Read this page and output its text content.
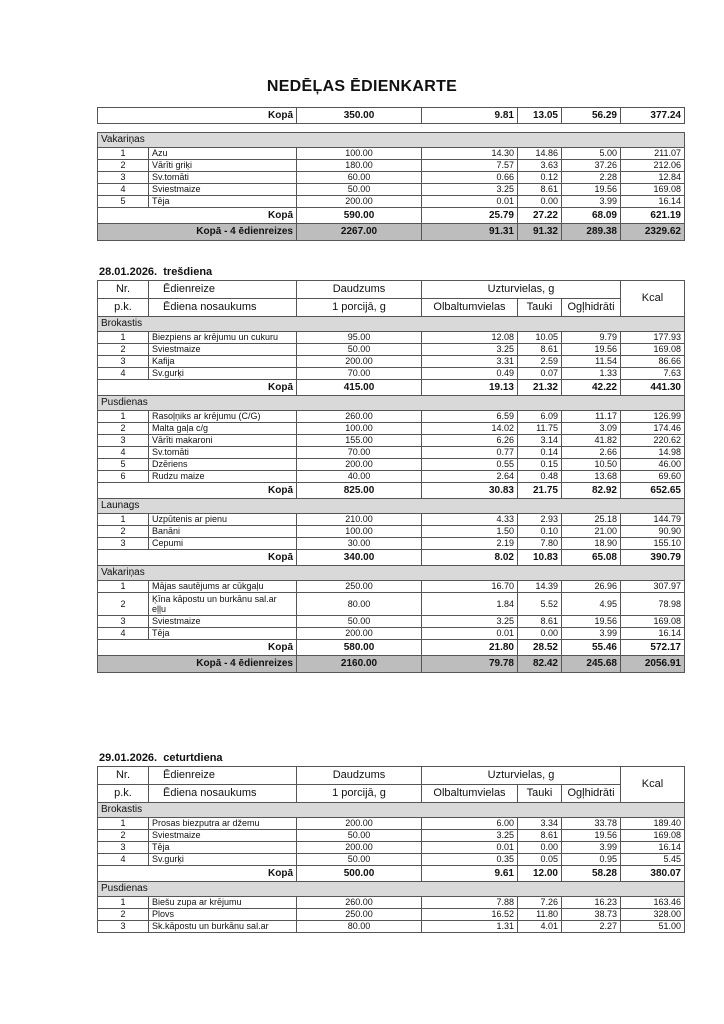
NEDĒĻAS ĒDIENKARTE
Kopā		350.00	9.81	13.05	56.29	377.24

Vakariņas						
1	Azu	100.00	14.30	14.86	5.00	211.07
2	Vārīti griķi	180.00	7.57	3.63	37.26	212.06
3	Sv.tomāti	60.00	0.66	0.12	2.28	12.84
4	Sviestmaize	50.00	3.25	8.61	19.56	169.08
5	Tēja	200.00	0.01	0.00	3.99	16.14
Kopā		590.00	25.79	27.22	68.09	621.19
Kopā - 4 ēdienreizes		2267.00	91.31	91.32	289.38	2329.62
28.01.2026. trešdiena
Nr.	Ēdienreize	Daudzums	Uzturvielas, g			Kcal
p.k.	Ēdiena nosaukums	1 porcijā, g	Olbaltumvielas	Tauki	Ogļhidrāti	
Brokastis						
1	Biezpiens ar krējumu un cukuru	95.00	12.08	10.05	9.79	177.93
2	Sviestmaize	50.00	3.25	8.61	19.56	169.08
3	Kafija	200.00	3.31	2.59	11.54	86.66
4	Sv.gurķi	70.00	0.49	0.07	1.33	7.63
Kopā		415.00	19.13	21.32	42.22	441.30
Pusdienas						
1	Rasoļņiks ar krējumu (C/G)	260.00	6.59	6.09	11.17	126.99
2	Malta gaļa c/g	100.00	14.02	11.75	3.09	174.46
3	Vārīti makaroni	155.00	6.26	3.14	41.82	220.62
4	Sv.tomāti	70.00	0.77	0.14	2.66	14.98
5	Dzēriens	200.00	0.55	0.15	10.50	46.00
6	Rudzu maize	40.00	2.64	0.48	13.68	69.60
Kopā		825.00	30.83	21.75	82.92	652.65
Launags						
1	Uzpūtenis ar pienu	210.00	4.33	2.93	25.18	144.79
2	Banāni	100.00	1.50	0.10	21.00	90.90
3	Cepumi	30.00	2.19	7.80	18.90	155.10
Kopā		340.00	8.02	10.83	65.08	390.79
Vakariņas						
1	Mājas sautējums ar cūkgaļu	250.00	16.70	14.39	26.96	307.97
2	Ķīna kāpostu un burkānu sal.ar eļļu	80.00	1.84	5.52	4.95	78.98
3	Sviestmaize	50.00	3.25	8.61	19.56	169.08
4	Tēja	200.00	0.01	0.00	3.99	16.14
Kopā		580.00	21.80	28.52	55.46	572.17
Kopā - 4 ēdienreizes		2160.00	79.78	82.42	245.68	2056.91
29.01.2026. ceturtdiena
Nr.	Ēdienreize	Daudzums	Uzturvielas, g			Kcal
p.k.	Ēdiena nosaukums	1 porcijā, g	Olbaltumvielas	Tauki	Ogļhidrāti	
Brokastis						
1	Prosas biezputra ar džemu	200.00	6.00	3.34	33.78	189.40
2	Sviestmaize	50.00	3.25	8.61	19.56	169.08
3	Tēja	200.00	0.01	0.00	3.99	16.14
4	Sv.gurķi	50.00	0.35	0.05	0.95	5.45
Kopā		500.00	9.61	12.00	58.28	380.07
Pusdienas						
1	Biešu zupa ar krējumu	260.00	7.88	7.26	16.23	163.46
2	Plovs	250.00	16.52	11.80	38.73	328.00
3	Sk.kāpostu un burkānu sal.ar	80.00	1.31	4.01	2.27	51.00
